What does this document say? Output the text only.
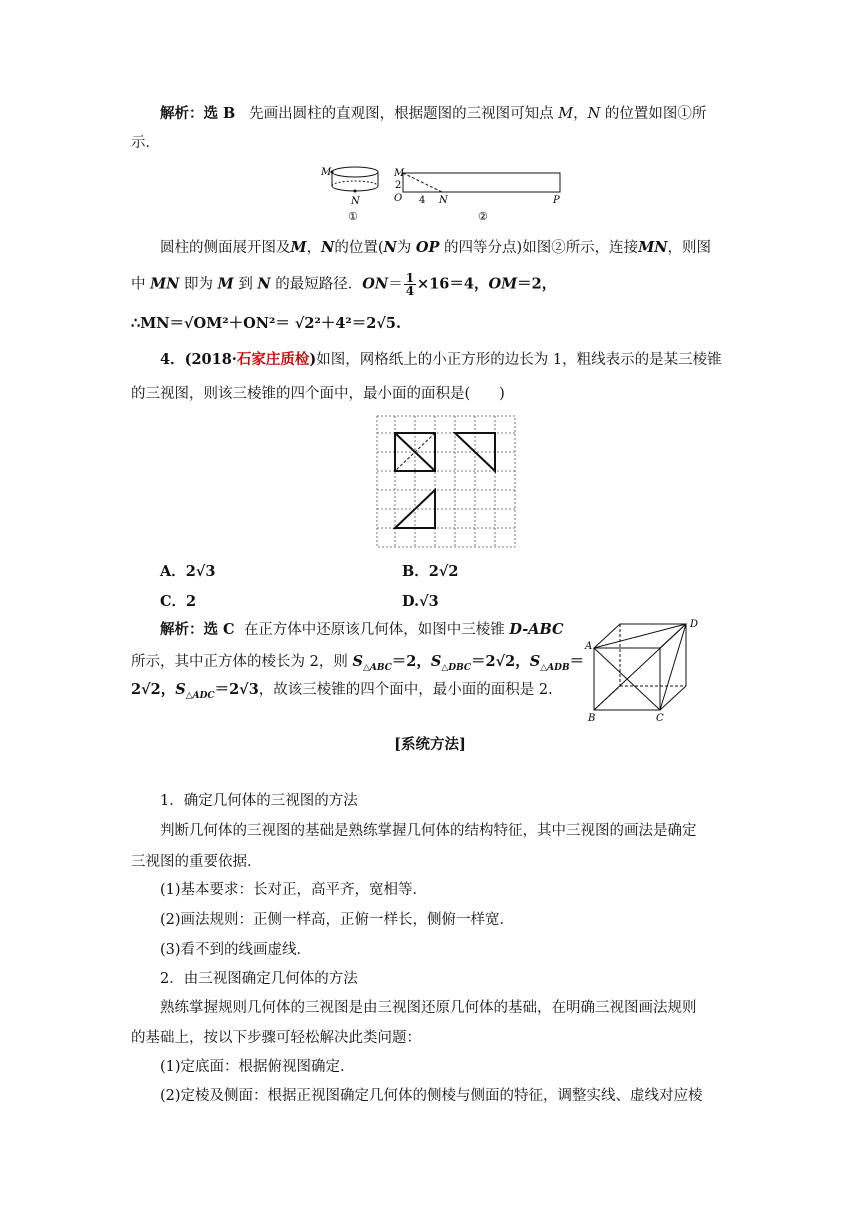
解析：选 B 先画出圆柱的直观图，根据题图的三视图可知点 M，N 的位置如图①所
示．
M
N
①
M
2
O 4 N	P
②
圆柱的侧面展开图及M，N的位置(N为 OP 的四等分点)如图②所示，连接MN，则图
中 MN 即为 M 到 N 的最短路径．$ON= \frac{1}{4} \times 16=4$，OM＝2，
∴MN＝√OM²＋ON²＝ √2²＋4²＝2√5.
4．(2018·石家庄质检)如图，网格纸上的小正方形的边长为 1，粗线表示的是某三棱锥
的三视图，则该三棱锥的四个面中，最小面的面积是(　　)
A．2√3	B．2√2
C．2	D.√3
解析：选 C 在正方体中还原该几何体，如图中三棱锥 D-ABC
所示，其中正方体的棱长为 2，则 $S_{\triangle ABC}=2$，$S_{\triangle DBC}=2√2$，$S_{\triangle ADB}=$
2√2，$S_{\triangle ADC}=2√3$，故该三棱锥的四个面中，最小面的面积是 2.
A
B	C
D
[系统方法]
1．确定几何体的三视图的方法
判断几何体的三视图的基础是熟练掌握几何体的结构特征，其中三视图的画法是确定
三视图的重要依据．
(1)基本要求：长对正，高平齐，宽相等．
(2)画法规则：正侧一样高，正俯一样长，侧俯一样宽．
(3)看不到的线画虚线．
2．由三视图确定几何体的方法
熟练掌握规则几何体的三视图是由三视图还原几何体的基础，在明确三视图画法规则
的基础上，按以下步骤可轻松解决此类问题：
(1)定底面：根据俯视图确定．
(2)定棱及侧面：根据正视图确定几何体的侧棱与侧面的特征，调整实线、虚线对应棱
